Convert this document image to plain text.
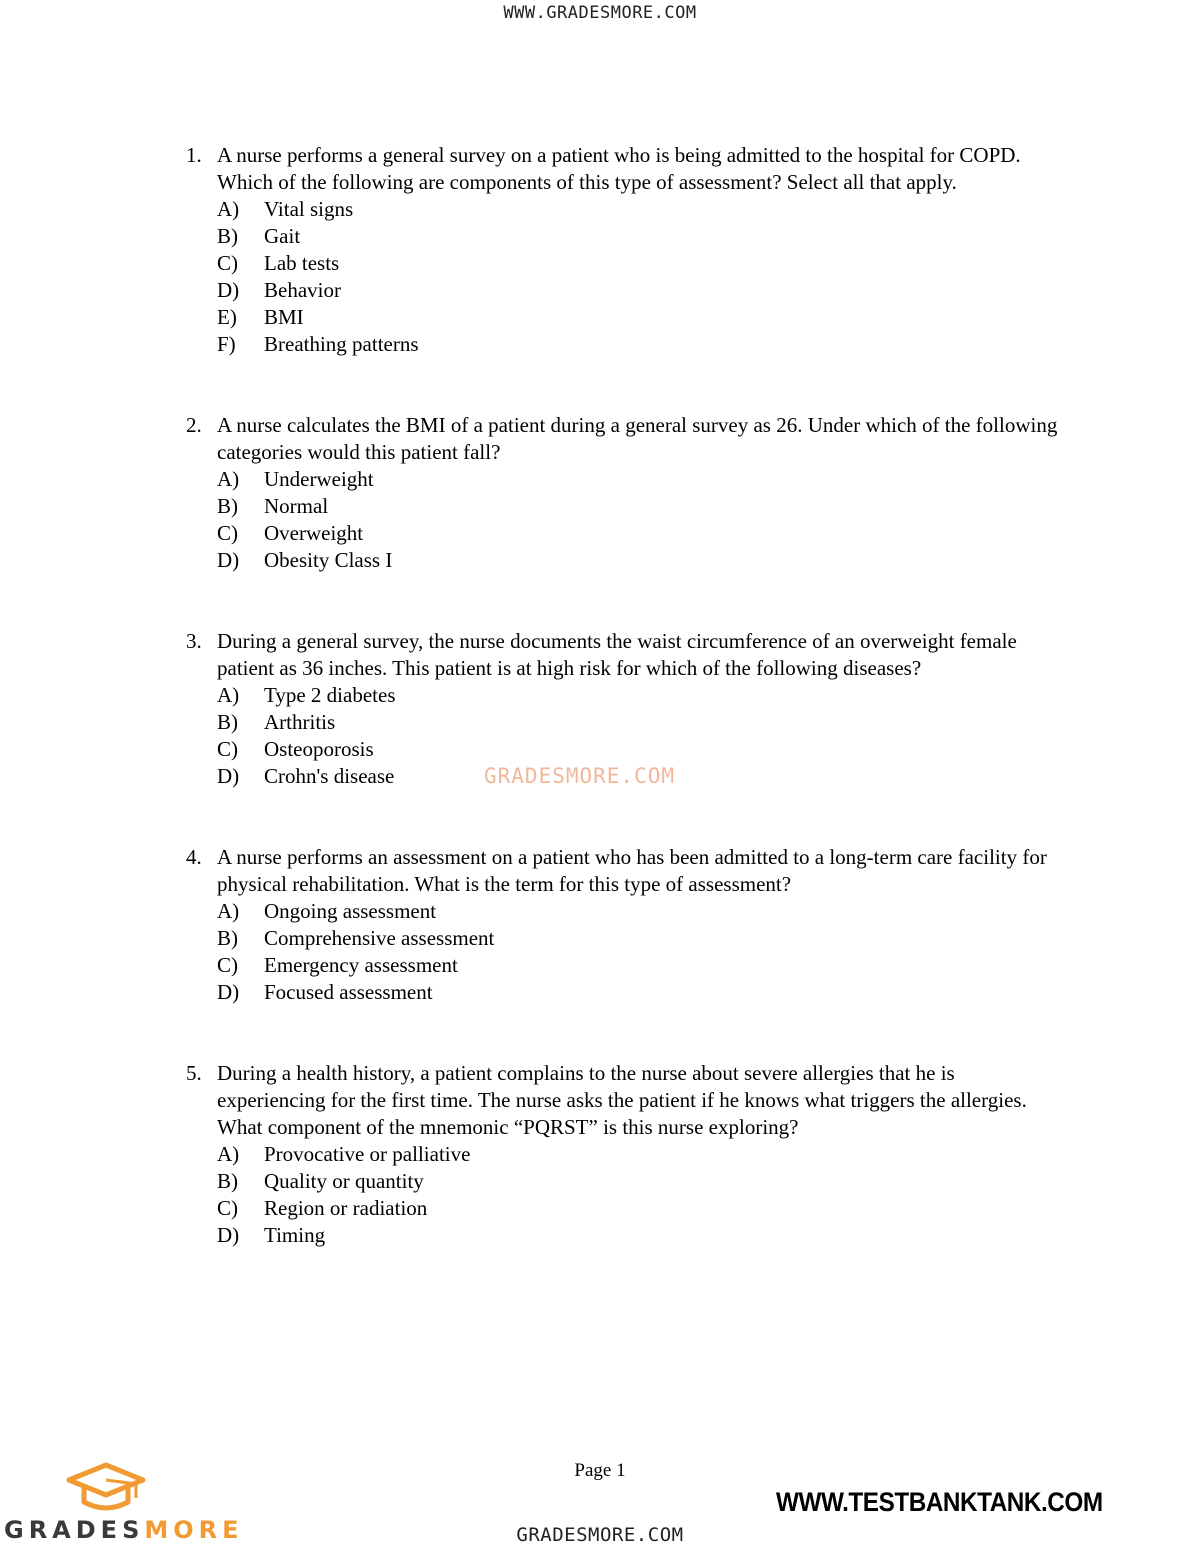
WWW.GRADESMORE.COM
1. A nurse performs a general survey on a patient who is being admitted to the hospital for COPD. Which of the following are components of this type of assessment? Select all that apply.
A)	Vital signs
B)	Gait
C)	Lab tests
D)	Behavior
E)	BMI
F)	Breathing patterns
2. A nurse calculates the BMI of a patient during a general survey as 26. Under which of the following categories would this patient fall?
A)	Underweight
B)	Normal
C)	Overweight
D)	Obesity Class I
3. During a general survey, the nurse documents the waist circumference of an overweight female patient as 36 inches. This patient is at high risk for which of the following diseases?
A)	Type 2 diabetes
B)	Arthritis
C)	Osteoporosis
D)	Crohn's disease
4. A nurse performs an assessment on a patient who has been admitted to a long-term care facility for physical rehabilitation. What is the term for this type of assessment?
A)	Ongoing assessment
B)	Comprehensive assessment
C)	Emergency assessment
D)	Focused assessment
5. During a health history, a patient complains to the nurse about severe allergies that he is experiencing for the first time. The nurse asks the patient if he knows what triggers the allergies. What component of the mnemonic “PQRST” is this nurse exploring?
A)	Provocative or palliative
B)	Quality or quantity
C)	Region or radiation
D)	Timing
GRADESMORE.COM
Page 1
GRADESMORE
WWW.TESTBANKTANK.COM
GRADESMORE.COM
